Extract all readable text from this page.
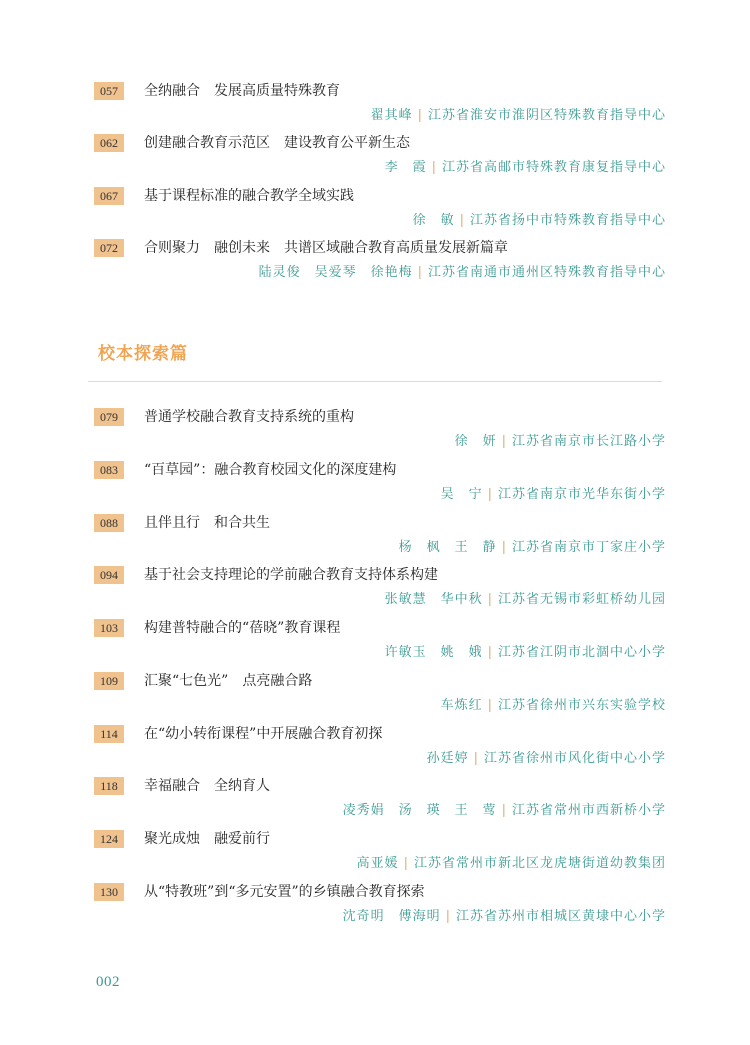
057	全纳融合　发展高质量特殊教育
翟其峰 | 江苏省淮安市淮阴区特殊教育指导中心
062	创建融合教育示范区　建设教育公平新生态
李　霞 | 江苏省高邮市特殊教育康复指导中心
067	基于课程标准的融合教学全域实践
徐　敏 | 江苏省扬中市特殊教育指导中心
072	合则聚力　融创未来　共谱区域融合教育高质量发展新篇章
陆灵俊　吴爱琴　徐艳梅 | 江苏省南通市通州区特殊教育指导中心
校本探索篇
079	普通学校融合教育支持系统的重构
徐　妍 | 江苏省南京市长江路小学
083	“百草园”：融合教育校园文化的深度建构
吴　宁 | 江苏省南京市光华东街小学
088	且伴且行　和合共生
杨　枫　王　静 | 江苏省南京市丁家庄小学
094	基于社会支持理论的学前融合教育支持体系构建
张敏慧　华中秋 | 江苏省无锡市彩虹桥幼儿园
103	构建普特融合的“蓓晓”教育课程
许敏玉　姚　娥 | 江苏省江阴市北涸中心小学
109	汇聚“七色光”　点亮融合路
车炼红 | 江苏省徐州市兴东实验学校
114	在“幼小转衔课程”中开展融合教育初探
孙廷婷 | 江苏省徐州市风化街中心小学
118	幸福融合　全纳育人
凌秀娟　汤　瑛　王　莺 | 江苏省常州市西新桥小学
124	聚光成烛　融爱前行
高亚媛 | 江苏省常州市新北区龙虎塘街道幼教集团
130	从“特教班”到“多元安置”的乡镇融合教育探索
沈奇明　傅海明 | 江苏省苏州市相城区黄埭中心小学
002
